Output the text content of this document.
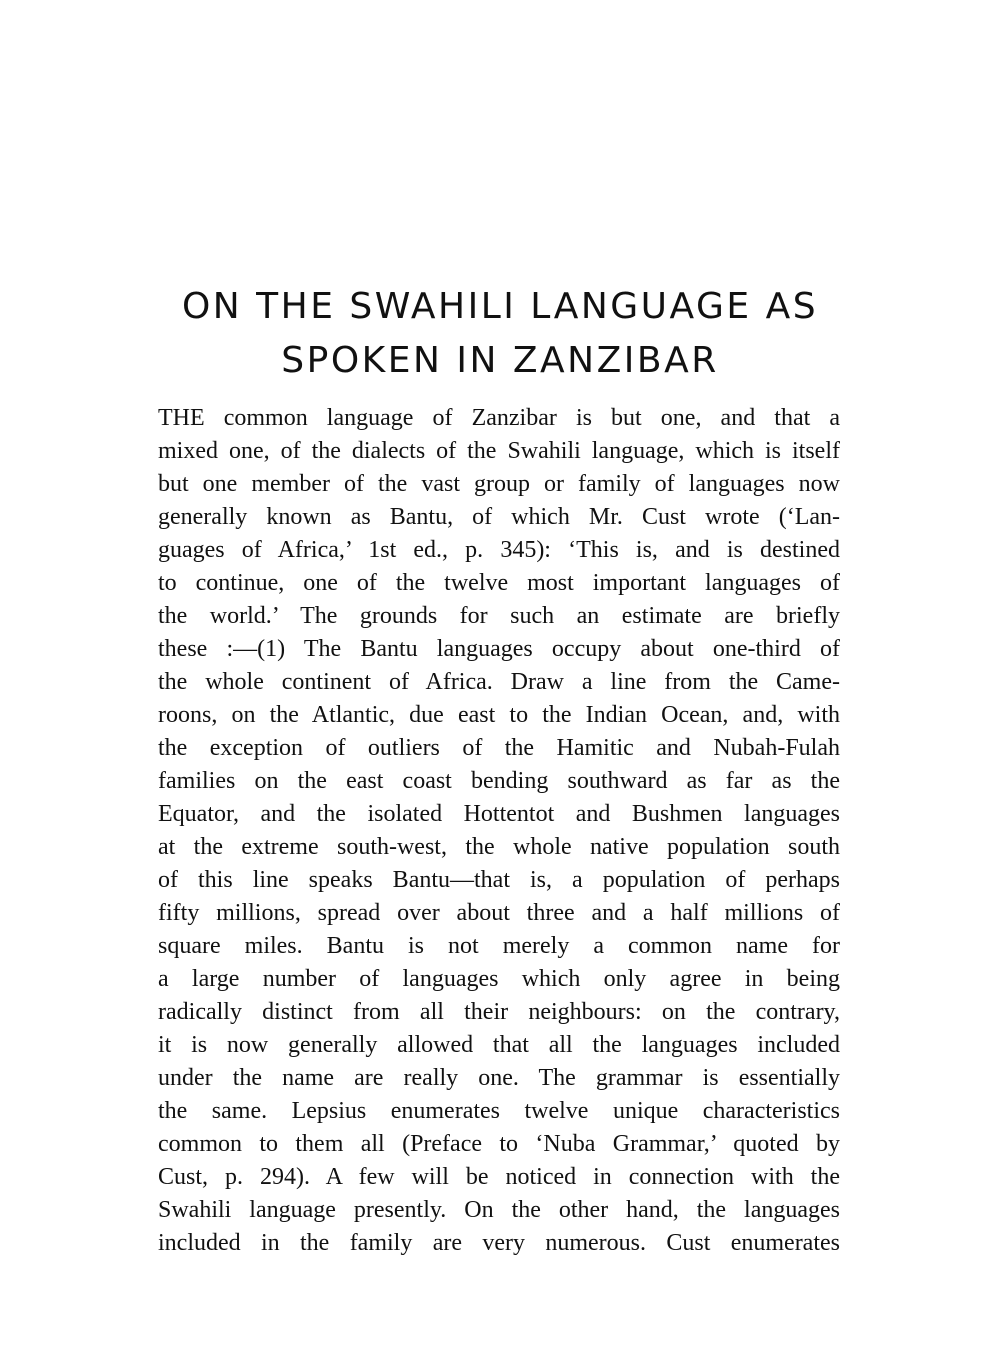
ON THE SWAHILI LANGUAGE AS
SPOKEN IN ZANZIBAR
THE common language of Zanzibar is but one, and that a
mixed one, of the dialects of the Swahili language, which is itself
but one member of the vast group or family of languages now
generally known as Bantu, of which Mr. Cust wrote (‘Lan-
guages of Africa,’ 1st ed., p. 345): ‘This is, and is destined
to continue, one of the twelve most important languages of
the world.’ The grounds for such an estimate are briefly
these :—(1) The Bantu languages occupy about one-third of
the whole continent of Africa. Draw a line from the Came-
roons, on the Atlantic, due east to the Indian Ocean, and, with
the exception of outliers of the Hamitic and Nubah-Fulah
families on the east coast bending southward as far as the
Equator, and the isolated Hottentot and Bushmen languages
at the extreme south-west, the whole native population south
of this line speaks Bantu—that is, a population of perhaps
fifty millions, spread over about three and a half millions of
square miles. Bantu is not merely a common name for
a large number of languages which only agree in being
radically distinct from all their neighbours: on the contrary,
it is now generally allowed that all the languages included
under the name are really one. The grammar is essentially
the same. Lepsius enumerates twelve unique characteristics
common to them all (Preface to ‘Nuba Grammar,’ quoted by
Cust, p. 294). A few will be noticed in connection with the
Swahili language presently. On the other hand, the languages
included in the family are very numerous. Cust enumerates
